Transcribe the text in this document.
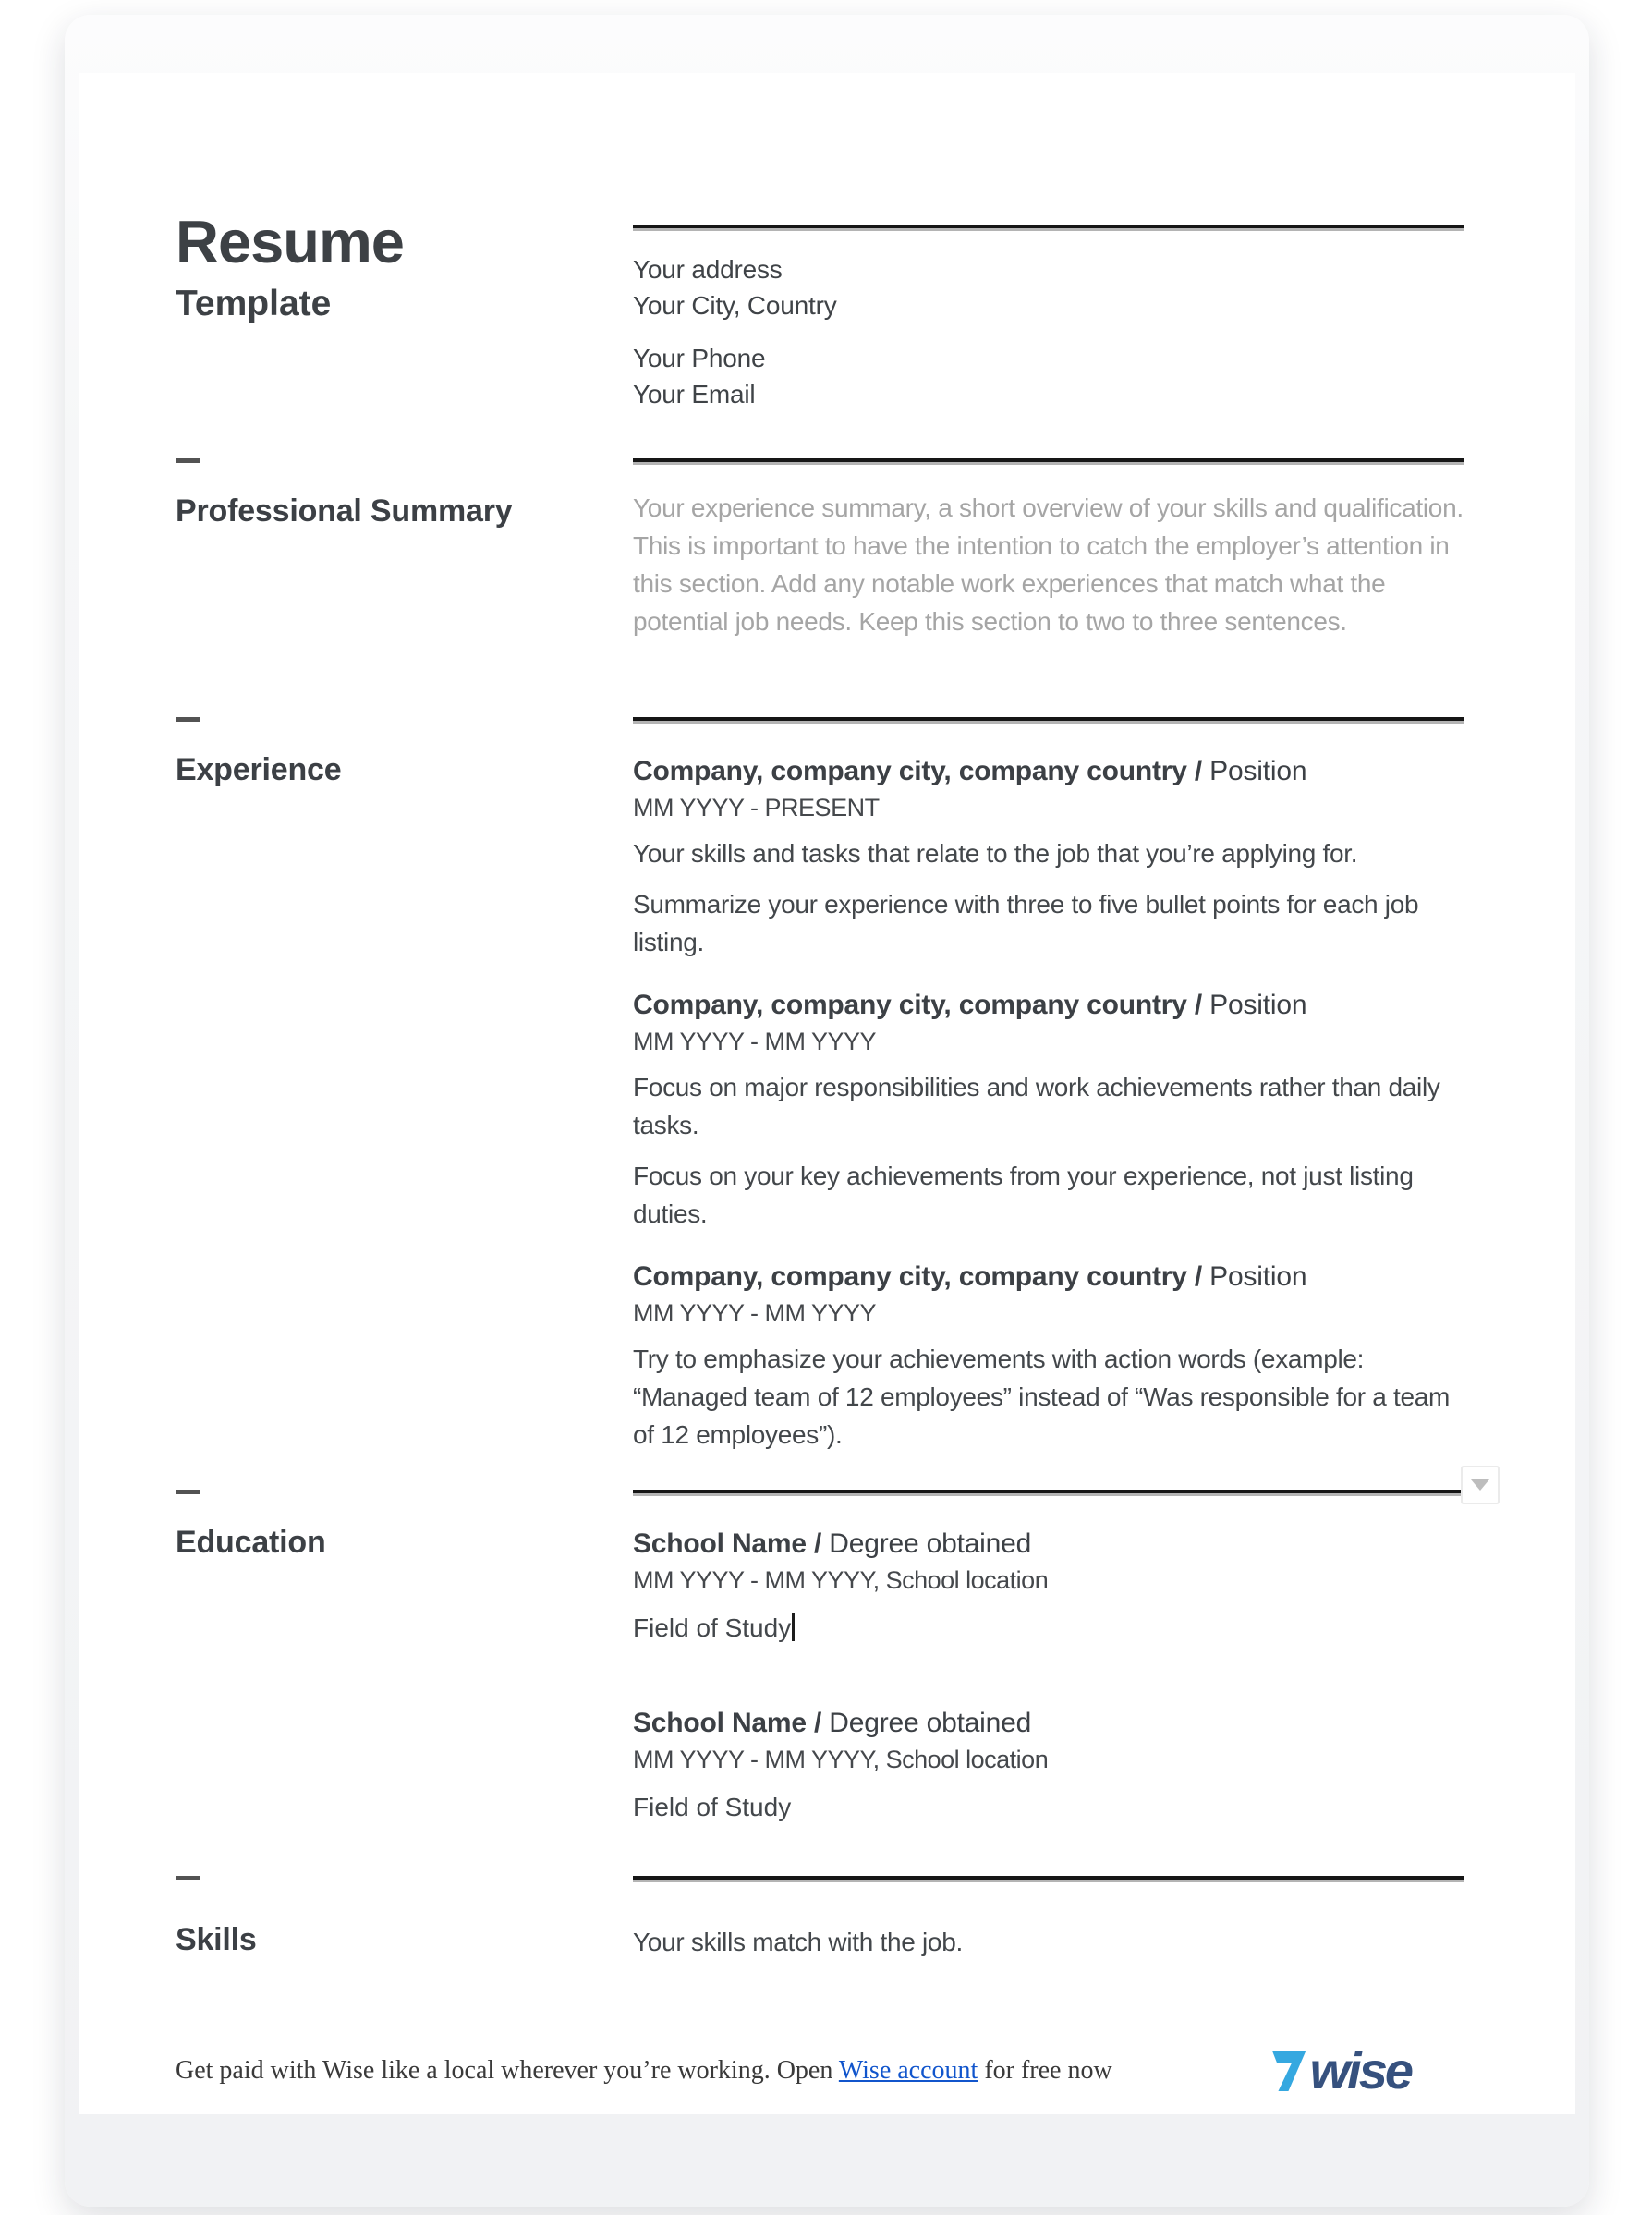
Resume
Template
Your address
Your City, Country
Your Phone
Your Email
Professional Summary	Your experience summary, a short overview of your skills and qualification. This is important to have the intention to catch the employer’s attention in this section. Add any notable work experiences that match what the potential job needs. Keep this section to two to three sentences.

Experience	Company, company city, company country / Position
MM YYYY - PRESENT

Your skills and tasks that relate to the job that you’re applying for.

Summarize your experience with three to five bullet points for each job listing.

Company, company city, company country / Position
MM YYYY - MM YYYY

Focus on major responsibilities and work achievements rather than daily tasks.

Focus on your key achievements from your experience, not just listing duties.

Company, company city, company country / Position
MM YYYY - MM YYYY

Try to emphasize your achievements with action words (example: “Managed team of 12 employees” instead of “Was responsible for a team of 12 employees”).

Education	School Name / Degree obtained
MM YYYY - MM YYYY, School location
Field of Study
School Name / Degree obtained
MM YYYY - MM YYYY, School location
Field of Study
Skills	Your skills match with the job.

Get paid with Wise like a local wherever you’re working. Open Wise account for free now	wise
